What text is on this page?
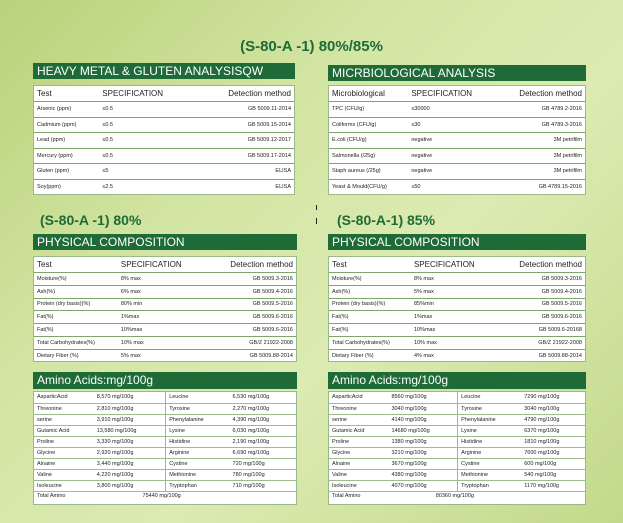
(S-80-A -1) 80%/85%
HEAVY METAL & GLUTEN ANALYSISQW
Test	SPECIFICATION	Detection method
Arsenic (ppm)	≤0.5	GB 5009.11-2014
Cadmium (ppm)	≤0.5	GB 5009.15-2014
Lead (ppm)	≤0.5	GB 5009.12-2017
Mercury (ppm)	≤0.5	GB 5009.17-2014
Gluten (ppm)	≤5	ELISA
Soy(ppm)	≤2.5	ELISA
MICRBIOLOGICAL ANALYSIS
Microbiological	SPECIFICATION	Detection method
TPC (CFU/g)	≤30000	GB 4789.2-2016
Coliforms (CFU/g)	≤30	GB 4789.3-2016
E.coli (CFU/g)	negative	3M petrifilm
Salmonella (/25g)	negative	3M petrifilm
Staph aureus (/25g)	negative	3M petrifilm
Yeast & Mould(CFU/g)	≤50	GB 4789.15-2016
(S-80-A -1) 80%
PHYSICAL COMPOSITION
Test	SPECIFICATION	Detection method
Moisture(%)	8% max	GB 5009.3-2016
Ash(%)	6% max	GB 5009.4-2016
Protein (dry basis)(%)	80% min	GB 5009.5-2016
Fat(%)	1%max	GB 5009.6-2016
Fat(%)	10%max	GB 5009.6-2016
Total Carbohydrates(%)	10% max	GB/Z 21922-2008
Dietary Fiber (%)	5% max	GB 5009.88-2014
Amino Acids:mg/100g
AsparticAcid	8,570 mg/100g	Leucine	6,530 mg/100g
Threonine	2,810 mg/100g	Tyrosine	2,270 mg/100g
serine	3,910 mg/100g	Phenylalanine	4,390 mg/100g
Gutamic Acid	13,580 mg/100g	Lysine	6,030 mg/100g
Proline	3,330 mg/100g	Histidine	2,190 mg/100g
Glycine	2,920 mg/100g	Arginine	6,690 mg/100g
Alnaine	3,440 mg/100g	Cystine	720 mg/100g
Valine	4,220 mg/100g	Methionine	780 mg/100g
Isoleucine	3,800 mg/100g	Tryptophan	710 mg/100g
Total Amino	75440 mg/100g		
(S-80-A-1) 85%
PHYSICAL COMPOSITION
Test	SPECIFICATION	Detection method
Moisture(%)	8% max	GB 5009.3-2016
Ash(%)	5% max	GB 5009.4-2016
Protein (dry basis)(%)	85%min	GB 5009.5-2016
Fat(%)	1%max	GB 5009.6-2016
Fat(%)	10%max	GB 5009.6-20168
Total Carbohydrates(%)	10% max	GB/Z 21922-2008
Dietary Fiber (%)	4% max	GB 5009.88-2014
Amino Acids:mg/100g
AsparticAcid	8560 mg/100g	Leucine	7290 mg/100g
Threonine	3040 mg/100g	Tyrosine	3040 mg/100g
serine	4140 mg/100g	Phenylalanine	4790 mg/100g
Gutamic Acid	14680 mg/100g	Lysine	6370 mg/100g
Proline	1380 mg/100g	Histidine	1810 mg/100g
Glycine	3210 mg/100g	Arginine	7600 mg/100g
Alnaine	3670 mg/100g	Cystine	600 mg/100g
Valine	4380 mg/100g	Methionine	540 mg/100g
Isoleucine	4070 mg/100g	Tryptophan	1170 mg/100g
Total Amino	80360 mg/100g		
